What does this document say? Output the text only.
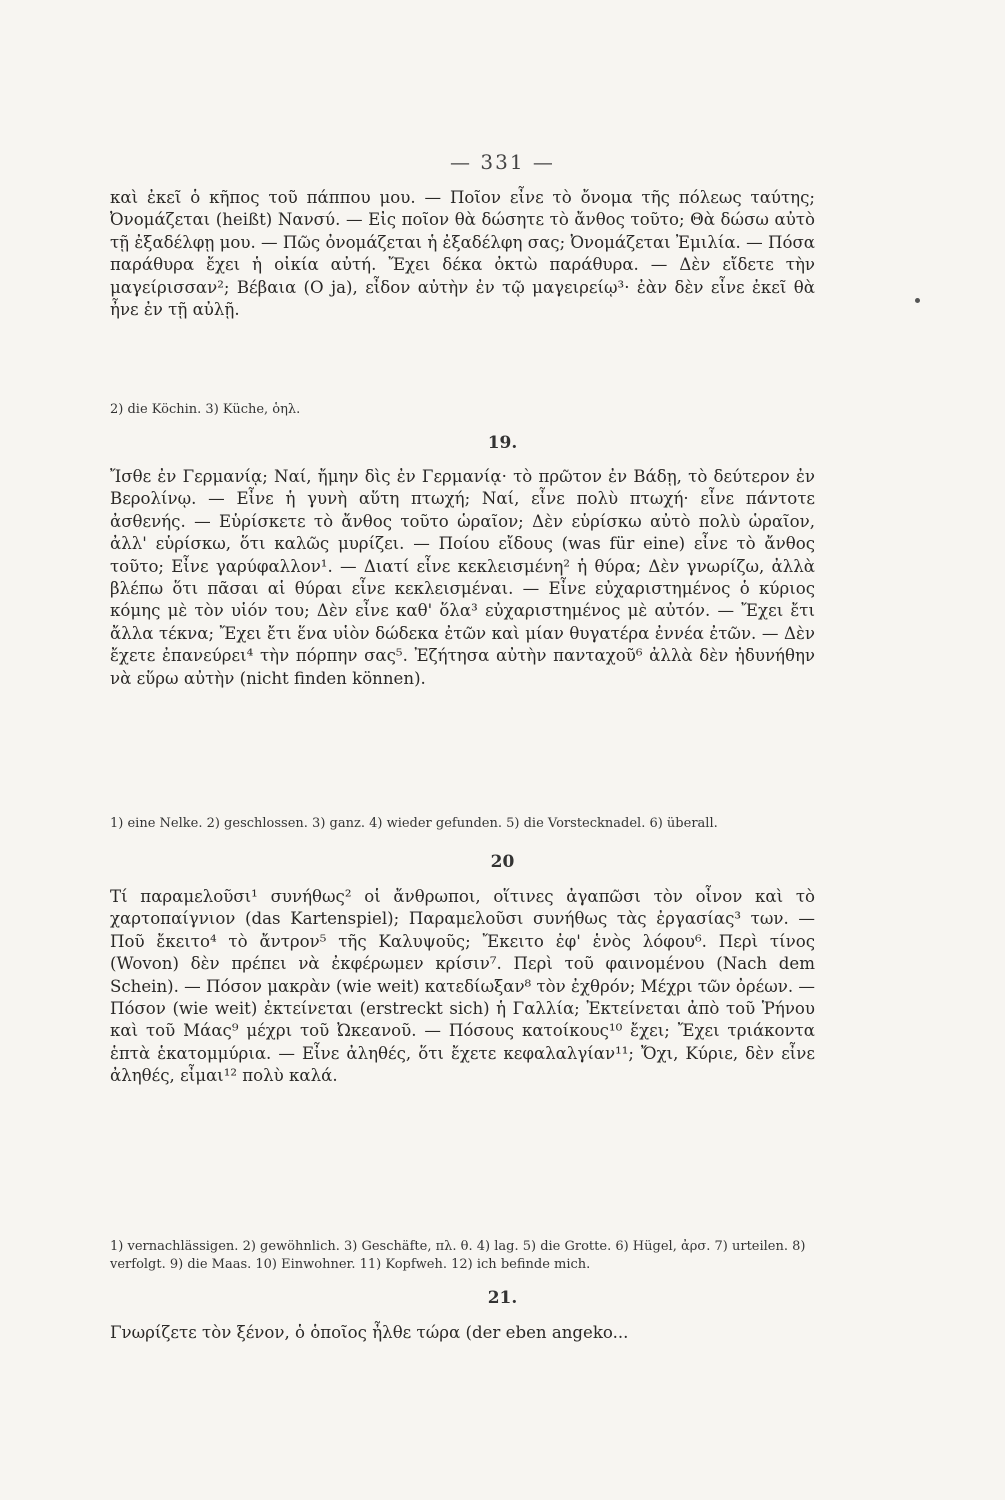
— 331 —

καὶ ἐκεῖ ὁ κῆπος τοῦ πάππου μου. — Ποῖον εἶνε τὸ ὄνομα τῆς πόλεως ταύτης; Ὀνομάζεται (heißt) Νανσύ. — Εἰς ποῖον θὰ δώσητε τὸ ἄνθος τοῦτο; Θὰ δώσω αὐτὸ τῇ ἐξαδέλφῃ μου. — Πῶς ὀνομάζεται ἡ ἐξαδέλφη σας; Ὀνομάζεται Ἐμιλία. — Πόσα παράθυρα ἔχει ἡ οἰκία αὐτή. Ἔχει δέκα ὀκτὼ παράθυρα. — Δὲν εἴδετε τὴν μαγείρισσαν²; Βέβαια (O ja), εἶδον αὐτὴν ἐν τῷ μαγειρείῳ³· ἐὰν δὲν εἶνε ἐκεῖ θὰ ἦνε ἐν τῇ αὐλῇ.

2) die Köchin. 3) Küche, ὁηλ.

19.

Ἴσθε ἐν Γερμανίᾳ; Ναί, ἤμην δὶς ἐν Γερμανίᾳ· τὸ πρῶτον ἐν Βάδῃ, τὸ δεύτερον ἐν Βερολίνῳ. — Εἶνε ἡ γυνὴ αὕτη πτωχή; Ναί, εἶνε πολὺ πτωχή· εἶνε πάντοτε ἀσθενής. — Εὑρίσκετε τὸ ἄνθος τοῦτο ὡραῖον; Δὲν εὑρίσκω αὐτὸ πολὺ ὡραῖον, ἀλλ' εὑρίσκω, ὅτι καλῶς μυρίζει. — Ποίου εἴδους (was für eine) εἶνε τὸ ἄνθος τοῦτο; Εἶνε γαρύφαλλον¹. — Διατί εἶνε κεκλεισμένη² ἡ θύρα; Δὲν γνωρίζω, ἀλλὰ βλέπω ὅτι πᾶσαι αἱ θύραι εἶνε κεκλεισμέναι. — Εἶνε εὐχαριστημένος ὁ κύριος κόμης μὲ τὸν υἱόν του; Δὲν εἶνε καθ' ὅλα³ εὐχαριστημένος μὲ αὐτόν. — Ἔχει ἔτι ἄλλα τέκνα; Ἔχει ἔτι ἕνα υἱὸν δώδεκα ἐτῶν καὶ μίαν θυγατέρα ἐννέα ἐτῶν. — Δὲν ἔχετε ἐπανεύρει⁴ τὴν πόρπην σας⁵. Ἐζήτησα αὐτὴν πανταχοῦ⁶ ἀλλὰ δὲν ἠδυνήθην νὰ εὕρω αὐτὴν (nicht finden können).

1) eine Nelke. 2) geschlossen. 3) ganz. 4) wieder gefunden. 5) die Vorstecknadel. 6) überall.

20

Τί παραμελοῦσι¹ συνήθως² οἱ ἄνθρωποι, οἵτινες ἀγαπῶσι τὸν οἶνον καὶ τὸ χαρτοπαίγνιον (das Kartenspiel); Παραμελοῦσι συνήθως τὰς ἐργασίας³ των. — Ποῦ ἔκειτο⁴ τὸ ἄντρον⁵ τῆς Καλυψοῦς; Ἔκειτο ἐφ' ἑνὸς λόφου⁶. Περὶ τίνος (Wovon) δὲν πρέπει νὰ ἐκφέρωμεν κρίσιν⁷. Περὶ τοῦ φαινομένου (Nach dem Schein). — Πόσον μακρὰν (wie weit) κατεδίωξαν⁸ τὸν ἐχθρόν; Μέχρι τῶν ὀρέων. — Πόσον (wie weit) ἐκτείνεται (erstreckt sich) ἡ Γαλλία; Ἐκτείνεται ἀπὸ τοῦ Ῥήνου καὶ τοῦ Μάας⁹ μέχρι τοῦ Ὠκεανοῦ. — Πόσους κατοίκους¹⁰ ἔχει; Ἔχει τριάκοντα ἑπτὰ ἑκατομμύρια. — Εἶνε ἀληθές, ὅτι ἔχετε κεφαλαλγίαν¹¹; Ὄχι, Κύριε, δὲν εἶνε ἀληθές, εἶμαι¹² πολὺ καλά.

1) vernachlässigen. 2) gewöhnlich. 3) Geschäfte, πλ. θ. 4) lag. 5) die Grotte. 6) Hügel, ἀρσ. 7) urteilen. 8) verfolgt. 9) die Maas. 10) Einwohner. 11) Kopfweh. 12) ich befinde mich.

21.

Γνωρίζετε τὸν ξένον, ὁ ὁποῖος ἦλθε τώρα (der eben angeko...
